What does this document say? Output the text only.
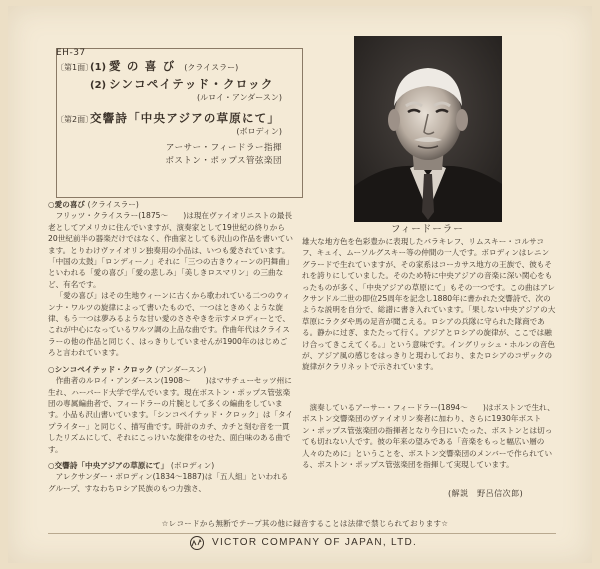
EH-37
〔第1面〕(1) 愛 の 喜 び (クライスラー)
(2) シンコペイテッド・クロック
(ルロイ・アンダースン)
〔第2面〕交響詩「中央アジアの草原にて」
(ボロディン)
アーサー・フィードラー指揮
ボストン・ポップス管弦楽団
フィードーラー

○愛の喜び (クライスラー)

フリッツ・クライスラー(1875〜　　)は現在ヴァイオリニストの最長老としてアメリカに住んでいますが、演奏家として19世紀の終りから20世紀前半の器楽だけではなく、作曲家としても沢山の作品を書いています。とりわけヴァイオリン独奏用の小品は、いつも愛されています。「中国の太鼓」「ロンディーノ」それに「三つの古きウィーンの円舞曲」といわれる「愛の喜び」「愛の悲しみ」「美しきロスマリン」の三曲など、有名です。

「愛の喜び」はその生地ウィーンに古くから歌われている二つのウィンナ・ワルツの旋律によって書いたもので、一つはときめくような旋律、もう一つは夢みるような甘い愛のささやきを示すメロディーとで、これが中心になっているワルツ調の上品な曲です。作曲年代はクライスラーの他の作品と同じく、はっきりしていませんが1900年のはじめごろと言われています。

○シンコペイテッド・クロック (アンダースン)

作曲者のルロイ・アンダースン(1908〜　　)はマサチューセッツ州に生れ、ハーバード大学で学んでいます。現在ボストン・ポップス管弦楽団の専属編曲者で、フィードラーの片腕として多くの編曲をしています。小品も沢山書いています。「シンコペイテッド・クロック」は「タイプライター」と同じく、描写曲です。時計のカチ、カチと刻む音を一貫したリズムにして、それにこっけいな旋律をのせた、面白味のある曲です。

○交響詩「中央アジアの草原にて」 (ボロディン)

アレクサンダー・ボロディン(1834〜1887)は「五人組」といわれるグループ、すなわちロシア民族のもつ力強さ、

雄大な地方色を色彩豊かに表現したバラキレフ、リムスキー・コルサコフ、キュイ、ムーソルグスキー等の仲間の一人です。ボロディンはレニングラードで生れていますが、その家系はコーカサス地方の王族で、彼もそれを誇りにしていました。そのため特に中央アジアの音楽に深い関心をもったものが多く、「中央アジアの草原にて」もその一つです。この曲はアレクサンドル二世の即位25周年を記念し1880年に書かれた交響詩で、次のような説明を自分で、総譜に書き入れています。「果しない中央アジアの大草原にラクダや馬の足音が聞こえる。ロシアの兵隊に守られた隊商である。静かに过ぎ、またたって行く。アジアとロシアの旋律が、ここでは融け合ってきこえてくる。」という意味です。イングリッシュ・ホルンの音色が、アジア風の感じをはっきりと現わしており、またロシアのコザックの旋律がクラリネットで示されています。

演奏しているアーサー・フィードラー(1894〜　　)はボストンで生れ、ボストン交響楽団のヴァイオリン奏者に加わり、さらに1930年ボストン・ポップス管弦楽団の指揮者となり今日にいたった、ボストンとは切っても切れない人です。彼の年来の望みである「音楽をもっと幅広い層の人々のために」ということを、ボストン交響楽団のメンバーで作られている、ボストン・ポップス管弦楽団を指揮して実現しています。

(解説　野呂信次郎)
☆レコードから無断でテープ其の他に録音することは法律で禁じられております☆
VICTOR COMPANY OF JAPAN, LTD.
